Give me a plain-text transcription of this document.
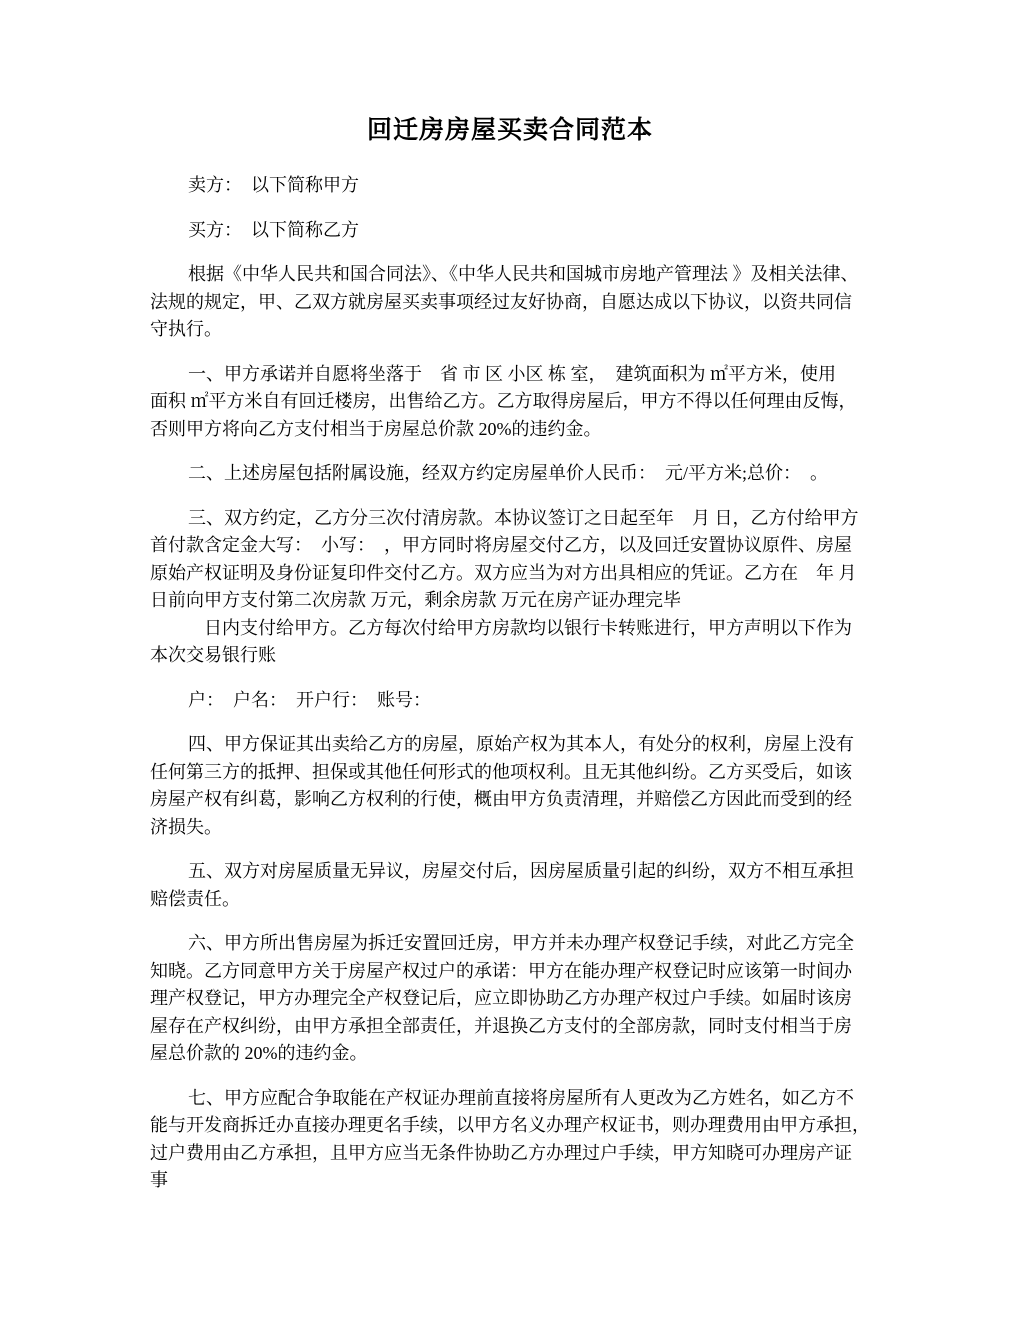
回迁房房屋买卖合同范本
卖方：  以下简称甲方
买方：  以下简称乙方
根据《中华人民共和国合同法》、《中华人民共和国城市房地产管理法 》及相关法律、
法规的规定，甲、乙双方就房屋买卖事项经过友好协商，自愿达成以下协议，以资共同信
守执行。
一、甲方承诺并自愿将坐落于　省 市 区 小区 栋 室，　建筑面积为 ㎡平方米，使用
面积 ㎡平方米自有回迁楼房，出售给乙方。乙方取得房屋后，甲方不得以任何理由反悔，
否则甲方将向乙方支付相当于房屋总价款 20%的违约金。
二、上述房屋包括附属设施，经双方约定房屋单价人民币：　元/平方米;总价：　。
三、双方约定，乙方分三次付清房款。本协议签订之日起至年　月 日，乙方付给甲方
首付款含定金大写：　小写：　，甲方同时将房屋交付乙方，以及回迁安置协议原件、房屋
原始产权证明及身份证复印件交付乙方。双方应当为对方出具相应的凭证。乙方在　年 月
日前向甲方支付第二次房款 万元，剩余房款 万元在房产证办理完毕
日内支付给甲方。乙方每次付给甲方房款均以银行卡转账进行，甲方声明以下作为
本次交易银行账
户：  户名：  开户行：  账号：
四、甲方保证其出卖给乙方的房屋，原始产权为其本人，有处分的权利，房屋上没有
任何第三方的抵押、担保或其他任何形式的他项权利。且无其他纠纷。乙方买受后，如该
房屋产权有纠葛，影响乙方权利的行使，概由甲方负责清理，并赔偿乙方因此而受到的经
济损失。
五、双方对房屋质量无异议，房屋交付后，因房屋质量引起的纠纷，双方不相互承担
赔偿责任。
六、甲方所出售房屋为拆迁安置回迁房，甲方并未办理产权登记手续，对此乙方完全
知晓。乙方同意甲方关于房屋产权过户的承诺：甲方在能办理产权登记时应该第一时间办
理产权登记，甲方办理完全产权登记后，应立即协助乙方办理产权过户手续。如届时该房
屋存在产权纠纷，由甲方承担全部责任，并退换乙方支付的全部房款，同时支付相当于房
屋总价款的 20%的违约金。
七、甲方应配合争取能在产权证办理前直接将房屋所有人更改为乙方姓名，如乙方不
能与开发商拆迁办直接办理更名手续，以甲方名义办理产权证书，则办理费用由甲方承担，
过户费用由乙方承担，且甲方应当无条件协助乙方办理过户手续，甲方知晓可办理房产证
事
